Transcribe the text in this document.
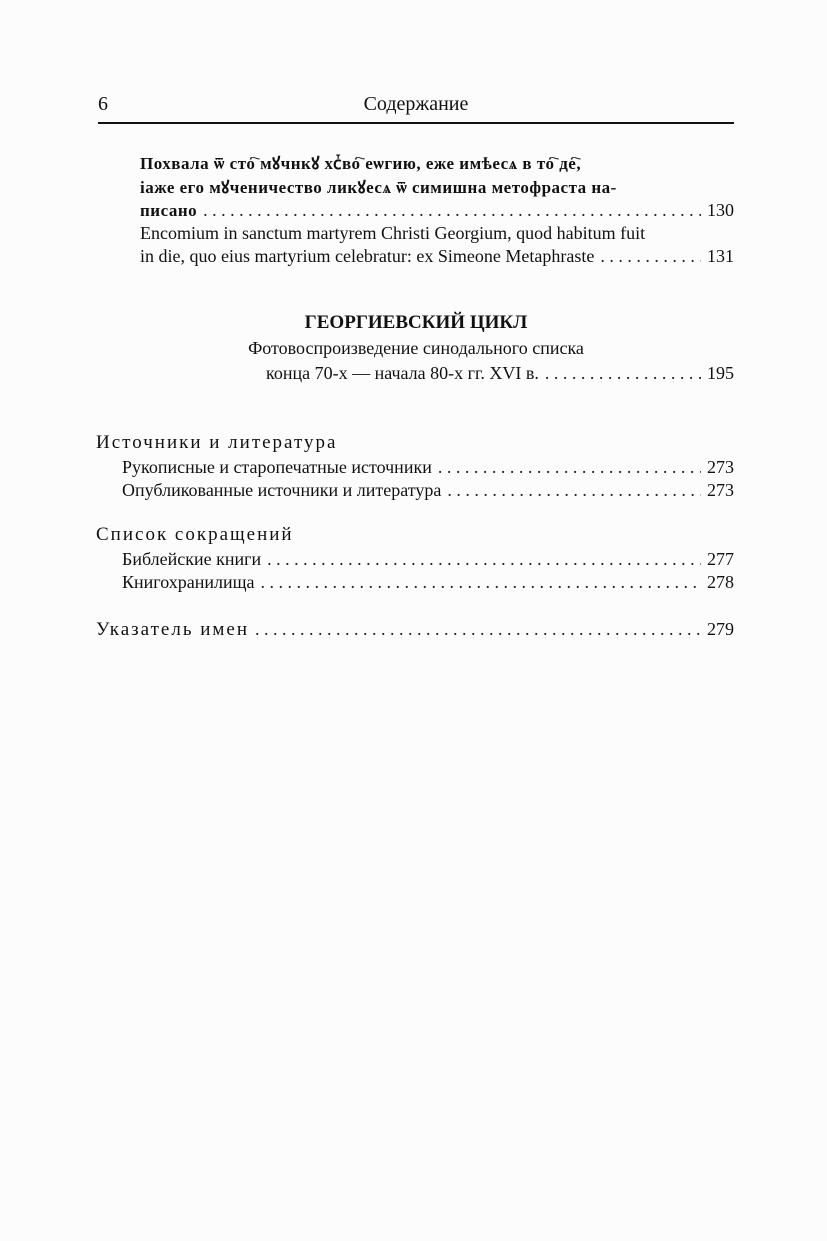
6	Содержание
Похвала ѿ сто҇ мꙋчнкꙋ хсⷮво҇ еѡгию, еже имѣесѧ в то҇ де҇,
іаже его мꙋченичество ликꙋесѧ ѿ симишна метофраста на-
писано . . .	130
Encomium in sanctum martyrem Christi Georgium, quod habitum fuit
in die, quo eius martyrium celebratur: ex Simeone Metaphraste . . .	131
ГЕОРГИЕВСКИЙ ЦИКЛ
Фотовоспроизведение синодального списка
конца 70-х — начала 80-х гг. XVI в. . . .	195
Источники и литература
Рукописные и старопечатные источники . . .	273
Опубликованные источники и литература . . .	273
Список сокращений
Библейские книги . . .	277
Книгохранилища . . .	278
Указатель имен . . .	279
